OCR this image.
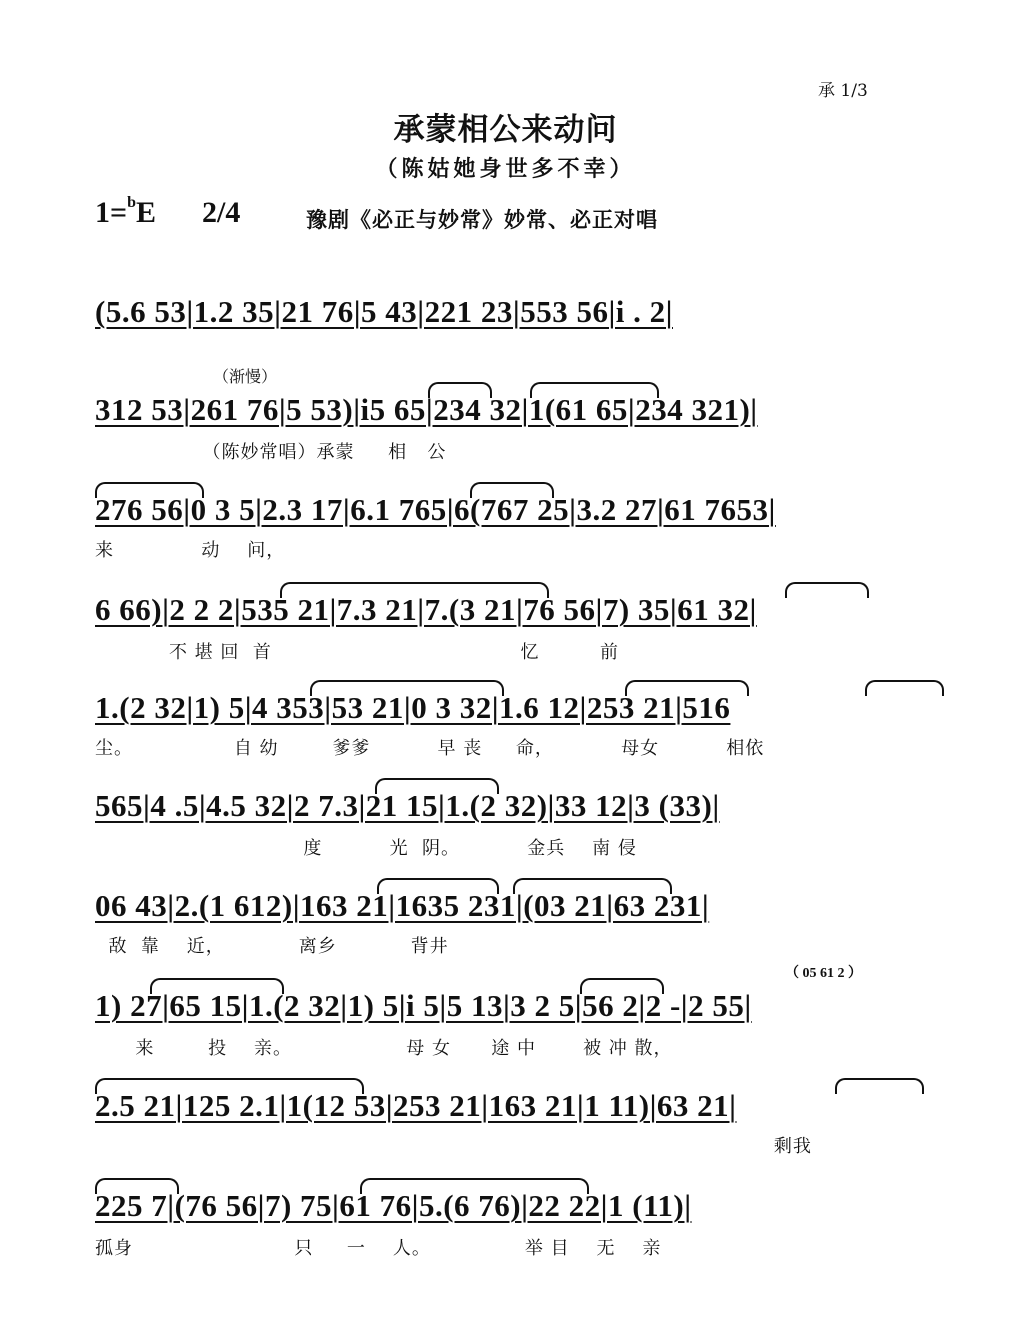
承 1/3
承蒙相公来动问
（陈姑她身世多不幸）
1=$^b$E 2/4	豫剧《必正与妙常》妙常、必正对唱
(5.6 53|1.2 35|21 76|5 43|221 23|553 56|i . 2|
（渐慢）
312 53|261 76|5 53)|i5 65|234 32|1(61 65|234 321)|
（陈妙常唱）承蒙     相   公
276 56|0 3 5|2.3 17|6.1 765|6(767 25|3.2 27|61 7653|
来             动    问，
6 66)|2 2 2|535 21|7.3 21|7.(3 21|76 56|7) 35|61 32|
不 堪 回  首                                     忆         前
1.(2 32|1) 5|4 353|53 21|0 3 32|1.6 12|253 21|516
尘。               自 幼        爹爹          早 丧     命，          母女          相依
565|4 .5|4.5 32|2 7.3|21 15|1.(2 32)|33 12|3 (33)|
度          光  阴。          金兵    南 侵
06 43|2.(1 612)|163 21|1635 231|(03 21|63 231|
敌  靠    近，           离乡           背井
（ 05 61 2 ）
1) 27|65 15|1.(2 32|1) 5|i 5|5 13|3 2 5|56 2|2 -|2 55|
来        投    亲。                 母 女      途 中       被 冲 散，
2.5 21|125 2.1|1(12 53|253 21|163 21|1 11)|63 21|
剩我
225 7|(76 56|7) 75|61 76|5.(6 76)|22 22|1 (11)|
孤身                        只     一    人。              举 目    无    亲
